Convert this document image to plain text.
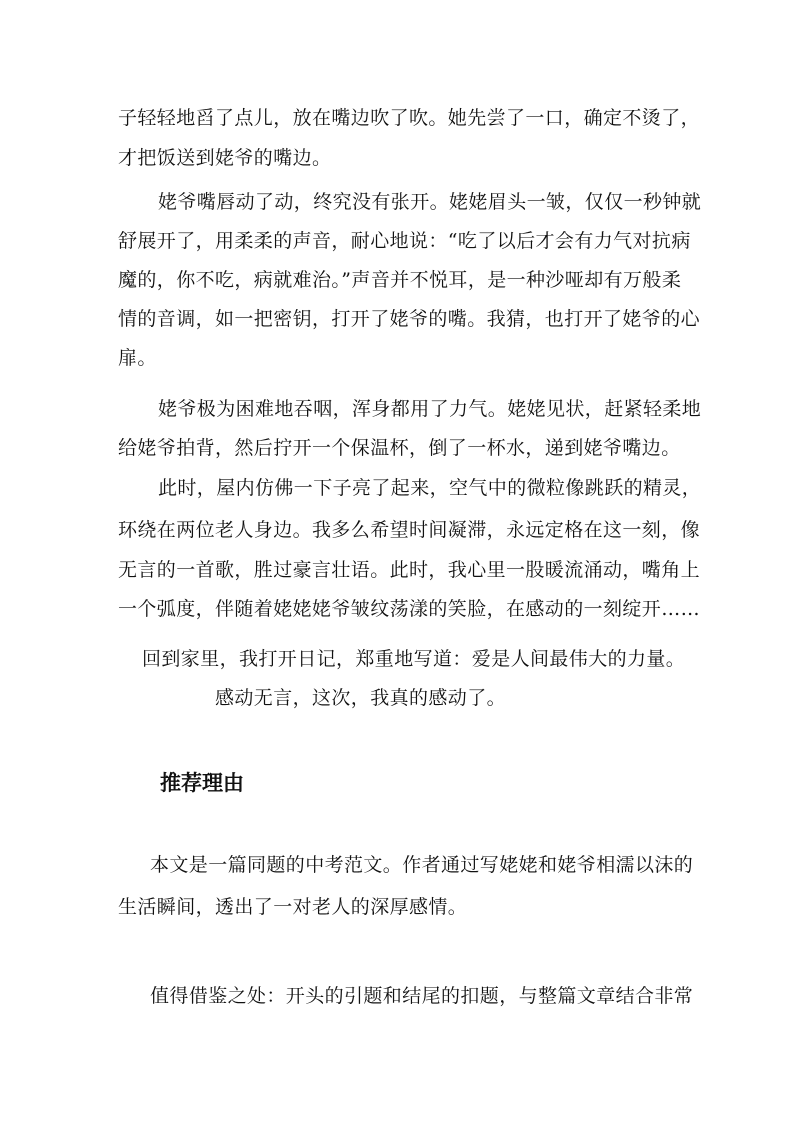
子轻轻地舀了点儿，放在嘴边吹了吹。她先尝了一口，确定不烫了，
才把饭送到姥爷的嘴边。
姥爷嘴唇动了动，终究没有张开。姥姥眉头一皱，仅仅一秒钟就
舒展开了，用柔柔的声音，耐心地说：“吃了以后才会有力气对抗病
魔的，你不吃，病就难治。”声音并不悦耳，是一种沙哑却有万般柔
情的音调，如一把密钥，打开了姥爷的嘴。我猜，也打开了姥爷的心
扉。
姥爷极为困难地吞咽，浑身都用了力气。姥姥见状，赶紧轻柔地
给姥爷拍背，然后拧开一个保温杯，倒了一杯水，递到姥爷嘴边。
此时，屋内仿佛一下子亮了起来，空气中的微粒像跳跃的精灵，
环绕在两位老人身边。我多么希望时间凝滞，永远定格在这一刻，像
无言的一首歌，胜过豪言壮语。此时，我心里一股暖流涌动，嘴角上
一个弧度，伴随着姥姥姥爷皱纹荡漾的笑脸，在感动的一刻绽开……
回到家里，我打开日记，郑重地写道：爱是人间最伟大的力量。
感动无言，这次，我真的感动了。
推荐理由
本文是一篇同题的中考范文。作者通过写姥姥和姥爷相濡以沫的
生活瞬间，透出了一对老人的深厚感情。
值得借鉴之处：开头的引题和结尾的扣题，与整篇文章结合非常
